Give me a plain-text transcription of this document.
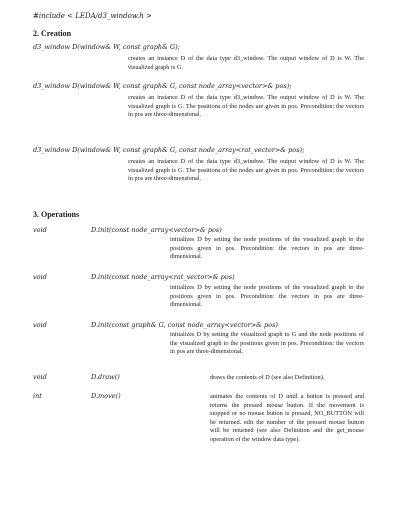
#include < LEDA/d3_window.h >
2. Creation
d3_window D(window& W, const graph& G);
creates an instance D of the data type d3_window. The output window of D is W. The visualized graph is G.
d3_window D(window& W, const graph& G, const node_array<vector>& pos);
creates an instance D of the data type d3_window. The output window of D is W. The visualized graph is G. The positions of the nodes are given in pos. Precondition: the vectors in pos are three-dimensional.
d3_window D(window& W, const graph& G, const node_array<rat_vector>& pos);
creates an instance D of the data type d3_window. The output window of D is W. The visualized graph is G. The positions of the nodes are given in pos. Precondition: the vectors in pos are three-dimensional.
3. Operations
void	D.init(const node_array<vector>& pos)
initializes D by setting the node positions of the visualized graph to the positions given in pos. Precondition: the vectors in pos are three-dimensional.
void	D.init(const node_array<rat_vector>& pos)
initializes D by setting the node positions of the visualized graph to the positions given in pos. Precondition: the vectors in pos are three-dimensional.
void	D.init(const graph& G, const node_array<vector>& pos)
initializes D by setting the visualized graph to G and the node positions of the visualized graph to the positions given in pos. Precondition: the vectors in pos are three-dimensional.
void	D.draw()	draws the contents of D (see also Definition).
int	D.move()	animates the contents of D until a button is pressed and returns the pressed mouse button. If the movement is stopped or no mouse button is pressed, NO_BUTTON will be returned. edit the number of the pressed mouse button will be returned (see also Definition and the get_mouse operation of the window data type).
